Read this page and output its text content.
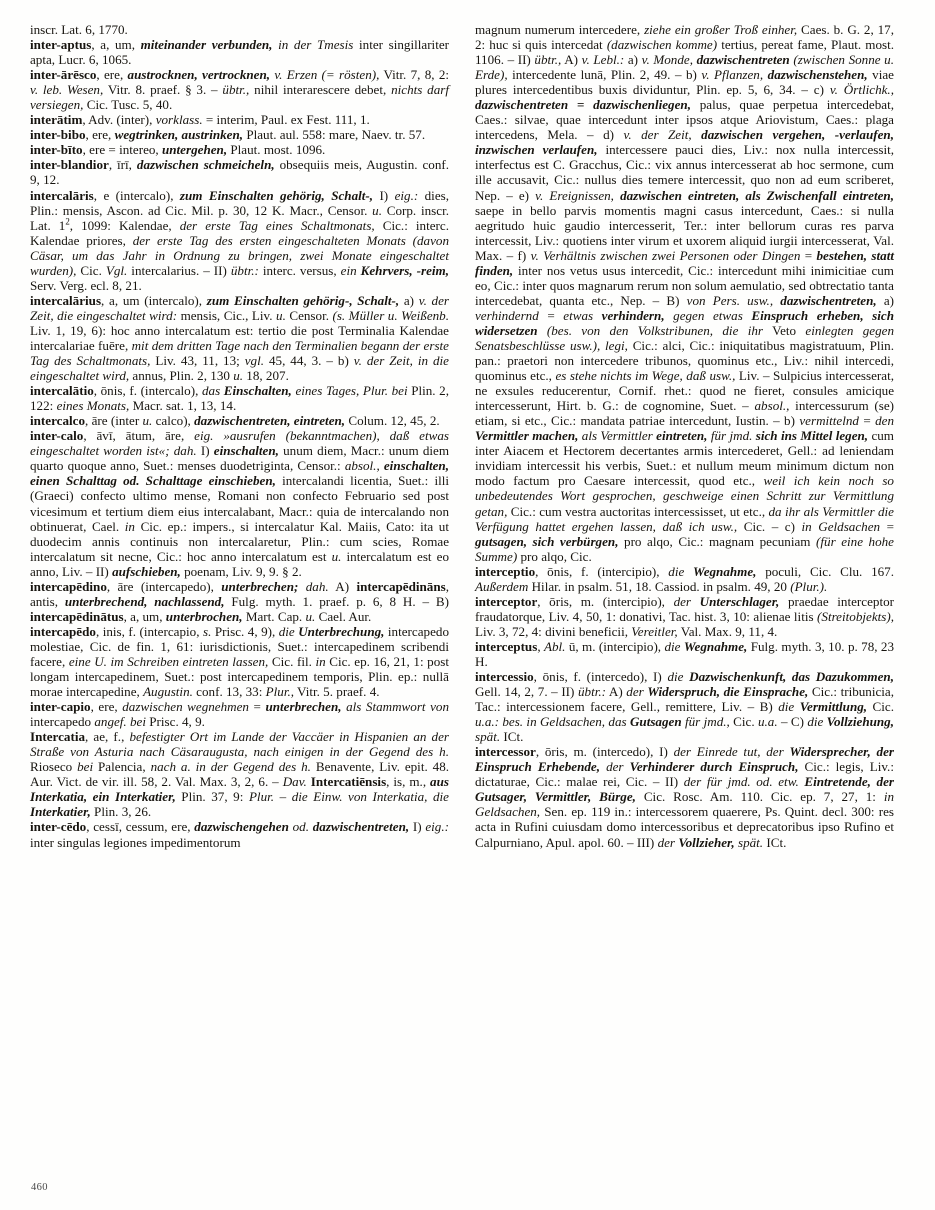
inscr. Lat. 6, 1770.

inter-aptus, a, um, miteinander verbunden, in der Tmesis inter singillariter apta, Lucr. 6, 1065.

inter-ārēsco, ere, austrocknen, vertrocknen, v. Erzen (= rösten), Vitr. 7, 8, 2: v. leb. Wesen, Vitr. 8. praef. § 3. – übtr., nihil interarescere debet, nichts darf versiegen, Cic. Tusc. 5, 40.

interātim, Adv. (inter), vorklass. = interim, Paul. ex Fest. 111, 1.

inter-bibo, ere, wegtrinken, austrinken, Plaut. aul. 558: mare, Naev. tr. 57.

inter-bīto, ere = intereo, untergehen, Plaut. most. 1096.

inter-blandior, īrī, dazwischen schmeicheln, obsequiis meis, Augustin. conf. 9, 12.

intercalāris, e (intercalo), zum Einschalten gehörig, Schalt-, I) eig.: dies, Plin.: mensis, Ascon. ad Cic. Mil. p. 30, 12 K. Macr., Censor. u. Corp. inscr. Lat. $1^2$, 1099: Kalendae, der erste Tag eines Schaltmonats, Cic.: interc. Kalendae priores, der erste Tag des ersten eingeschalteten Monats (davon Cäsar, um das Jahr in Ordnung zu bringen, zwei Monate eingeschaltet wurden), Cic. Vgl. intercalarius. – II) übtr.: interc. versus, ein Kehrvers, -reim, Serv. Verg. ecl. 8, 21.

intercalārius, a, um (intercalo), zum Einschalten gehörig-, Schalt-, a) v. der Zeit, die eingeschaltet wird: mensis, Cic., Liv. u. Censor. (s. Müller u. Weißenb. Liv. 1, 19, 6): hoc anno intercalatum est: tertio die post Terminalia Kalendae intercalariae fuēre, mit dem dritten Tage nach den Terminalien begann der erste Tag des Schaltmonats, Liv. 43, 11, 13; vgl. 45, 44, 3. – b) v. der Zeit, in die eingeschaltet wird, annus, Plin. 2, 130 u. 18, 207.

intercalātio, ōnis, f. (intercalo), das Einschalten, eines Tages, Plur. bei Plin. 2, 122: eines Monats, Macr. sat. 1, 13, 14.

intercalco, āre (inter u. calco), dazwischentreten, eintreten, Colum. 12, 45, 2.

inter-calo, āvī, ātum, āre, eig. »ausrufen (bekanntmachen), daß etwas eingeschaltet worden ist«; dah. I) einschalten, unum diem, Macr.: unum diem quarto quoque anno, Suet.: menses duodetriginta, Censor.: absol., einschalten, einen Schalttag od. Schalttage einschieben, intercalandi licentia, Suet.: illi (Graeci) confecto ultimo mense, Romani non confecto Februario sed post vicesimum et tertium diem eius intercalabant, Macr.: quia de intercalando non obtinuerat, Cael. in Cic. ep.: impers., si intercalatur Kal. Maiis, Cato: ita ut duodecim annis continuis non intercalaretur, Plin.: cum scies, Romae intercalatum sit necne, Cic.: hoc anno intercalatum est u. intercalatum est eo anno, Liv. – II) aufschieben, poenam, Liv. 9, 9. § 2.

intercapēdino, āre (intercapedo), unterbrechen; dah. A) intercapēdināns, antis, unterbrechend, nachlassend, Fulg. myth. 1. praef. p. 6, 8 H. – B) intercapēdinātus, a, um, unterbrochen, Mart. Cap. u. Cael. Aur.

intercapēdo, inis, f. (intercapio, s. Prisc. 4, 9), die Unterbrechung, intercapedo molestiae, Cic. de fin. 1, 61: iurisdictionis, Suet.: intercapedinem scribendi facere, eine U. im Schreiben eintreten lassen, Cic. fil. in Cic. ep. 16, 21, 1: post longam intercapedinem, Suet.: post intercapedinem temporis, Plin. ep.: nullā morae intercapedine, Augustin. conf. 13, 33: Plur., Vitr. 5. praef. 4.

inter-capio, ere, dazwischen wegnehmen = unterbrechen, als Stammwort von intercapedo angef. bei Prisc. 4, 9.

Intercatia, ae, f., befestigter Ort im Lande der Vaccäer in Hispanien an der Straße von Asturia nach Cäsaraugusta, nach einigen in der Gegend des h. Rioseco bei Palencia, nach a. in der Gegend des h. Benavente, Liv. epit. 48. Aur. Vict. de vir. ill. 58, 2. Val. Max. 3, 2, 6. – Dav. Intercatiēnsis, is, m., aus Interkatia, ein Interkatier, Plin. 37, 9: Plur. – die Einw. von Interkatia, die Interkatier, Plin. 3, 26.

inter-cēdo, cessī, cessum, ere, dazwischengehen od. dazwischentreten, I) eig.: inter singulas legiones impedimentorum

magnum numerum intercedere, ziehe ein großer Troß einher, Caes. b. G. 2, 17, 2: huc si quis intercedat (dazwischen komme) tertius, pereat fame, Plaut. most. 1106. – II) übtr., A) v. Lebl.: a) v. Monde, dazwischentreten (zwischen Sonne u. Erde), intercedente lunā, Plin. 2, 49. – b) v. Pflanzen, dazwischenstehen, viae plures intercedentibus buxis dividuntur, Plin. ep. 5, 6, 34. – c) v. Örtlichk., dazwischentreten = dazwischenliegen, palus, quae perpetua intercedebat, Caes.: silvae, quae intercedunt inter ipsos atque Ariovistum, Caes.: plaga intercedens, Mela. – d) v. der Zeit, dazwischen vergehen, -verlaufen, inzwischen verlaufen, intercessere pauci dies, Liv.: nox nulla intercessit, interfectus est C. Gracchus, Cic.: vix annus intercesserat ab hoc sermone, cum ille accusavit, Cic.: nullus dies temere intercessit, quo non ad eum scriberet, Nep. – e) v. Ereignissen, dazwischen eintreten, als Zwischenfall eintreten, saepe in bello parvis momentis magni casus intercedunt, Caes.: si nulla aegritudo huic gaudio intercesserit, Ter.: inter bellorum curas res parva intercessit, Liv.: quotiens inter virum et uxorem aliquid iurgii intercesserat, Val. Max. – f) v. Verhältnis zwischen zwei Personen oder Dingen = bestehen, statt finden, inter nos vetus usus intercedit, Cic.: intercedunt mihi inimicitiae cum eo, Cic.: inter quos magnarum rerum non solum aemulatio, sed obtrectatio tanta intercedebat, quanta etc., Nep. – B) von Pers. usw., dazwischentreten, a) verhindernd = etwas verhindern, gegen etwas Einspruch erheben, sich widersetzen (bes. von den Volkstribunen, die ihr Veto einlegten gegen Senatsbeschlüsse usw.), legi, Cic.: alci, Cic.: iniquitatibus magistratuum, Plin. pan.: praetori non intercedere tribunos, quominus etc., Liv.: nihil intercedi, quominus etc., es stehe nichts im Wege, daß usw., Liv. – Sulpicius intercesserat, ne exsules reducerentur, Cornif. rhet.: quod ne fieret, consules amicique intercesserunt, Hirt. b. G.: de cognomine, Suet. – absol., intercessurum (se) etiam, si etc., Cic.: mandata patriae intercedunt, Iustin. – b) vermittelnd = den Vermittler machen, als Vermittler eintreten, für jmd. sich ins Mittel legen, cum inter Aiacem et Hectorem decertantes armis intercederet, Gell.: ad leniendam invidiam intercessit his verbis, Suet.: et nullum meum minimum dictum non modo factum pro Caesare intercessit, quod etc., weil ich kein noch so unbedeutendes Wort gesprochen, geschweige einen Schritt zur Vermittlung getan, Cic.: cum vestra auctoritas intercessisset, ut etc., da ihr als Vermittler die Verfügung hattet ergehen lassen, daß ich usw., Cic. – c) in Geldsachen = gutsagen, sich verbürgen, pro alqo, Cic.: magnam pecuniam (für eine hohe Summe) pro alqo, Cic.

interceptio, ōnis, f. (intercipio), die Wegnahme, poculi, Cic. Clu. 167. Außerdem Hilar. in psalm. 51, 18. Cassiod. in psalm. 49, 20 (Plur.).

interceptor, ōris, m. (intercipio), der Unterschlager, praedae interceptor fraudatorque, Liv. 4, 50, 1: donativi, Tac. hist. 3, 10: alienae litis (Streitobjekts), Liv. 3, 72, 4: divini beneficii, Vereitler, Val. Max. 9, 11, 4.

interceptus, Abl. ū, m. (intercipio), die Wegnahme, Fulg. myth. 3, 10. p. 78, 23 H.

intercessio, ōnis, f. (intercedo), I) die Dazwischenkunft, das Dazukommen, Gell. 14, 2, 7. – II) übtr.: A) der Widerspruch, die Einsprache, Cic.: tribunicia, Tac.: intercessionem facere, Gell., remittere, Liv. – B) die Vermittlung, Cic. u.a.: bes. in Geldsachen, das Gutsagen für jmd., Cic. u.a. – C) die Vollziehung, spät. ICt.

intercessor, ōris, m. (intercedo), I) der Einrede tut, der Widersprecher, der Einspruch Erhebende, der Verhinderer durch Einspruch, Cic.: legis, Liv.: dictaturae, Cic.: malae rei, Cic. – II) der für jmd. od. etw. Eintretende, der Gutsager, Vermittler, Bürge, Cic. Rosc. Am. 110. Cic. ep. 7, 27, 1: in Geldsachen, Sen. ep. 119 in.: intercessorem quaerere, Ps. Quint. decl. 300: res acta in Rufini cuiusdam domo intercessoribus et deprecatoribus ipso Rufino et Calpurniano, Apul. apol. 60. – III) der Vollzieher, spät. ICt.

460
